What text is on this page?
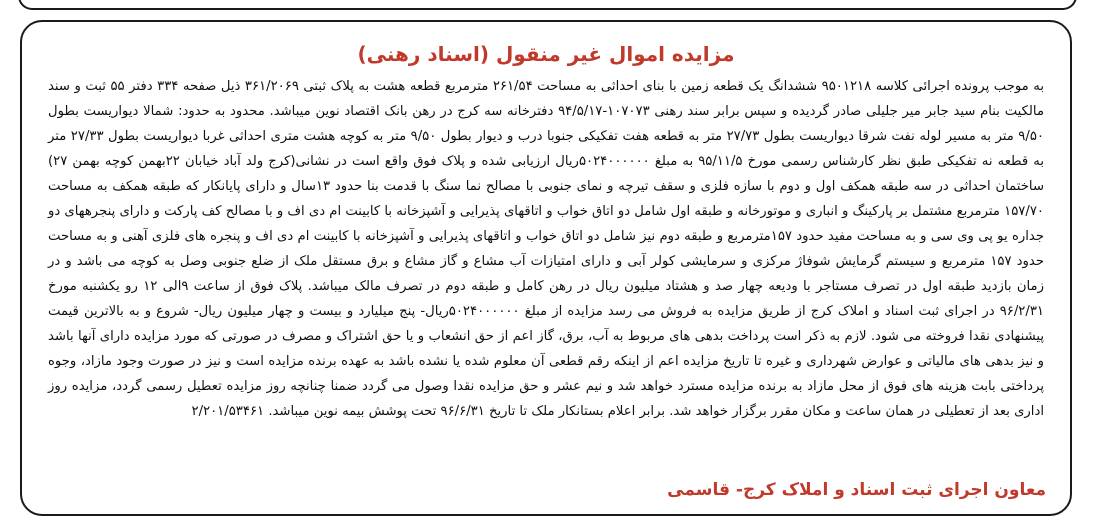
مزایده اموال غیر منقول (اسناد رهنی)

به موجب پرونده اجرائی کلاسه ۹۵۰۱۲۱۸ ششدانگ یک قطعه زمین با بنای احداثی به مساحت ۲۶۱/۵۴ مترمربع قطعه هشت به پلاک ثبتی ۳۶۱/۲۰۶۹ ذیل صفحه ۳۳۴ دفتر ۵۵ ثبت و سند مالکیت بنام سید جابر میر جلیلی صادر گردیده و سپس برابر سند رهنی ۱۰۷۰۷۳-۹۴/۵/۱۷ دفترخانه سه کرج در رهن بانک اقتصاد نوین میباشد. محدود به حدود: شمالا دیواریست بطول ۹/۵۰ متر به مسیر لوله نفت شرقا دیواریست بطول ۲۷/۷۳ متر به قطعه هفت تفکیکی جنوبا درب و دیوار بطول ۹/۵۰ متر به کوچه هشت متری احداثی غربا دیواریست بطول ۲۷/۳۳ متر به قطعه نه تفکیکی طبق نظر کارشناس رسمی مورخ ۹۵/۱۱/۵ به مبلغ ۵۰۲۴۰۰۰۰۰۰ریال ارزیابی شده و پلاک فوق واقع است در نشانی(کرج ولد آباد خیابان ۲۲بهمن کوچه بهمن ۲۷) ساختمان احداثی در سه طبقه همکف اول و دوم با سازه فلزی و سقف تیرچه و نمای جنوبی با مصالح نما سنگ با قدمت بنا حدود ۱۳سال و دارای پایانکار که طبقه همکف به مساحت ۱۵۷/۷۰ مترمربع مشتمل بر پارکینگ و انباری و موتورخانه و طبقه اول شامل دو اتاق خواب و اتاقهای پذیرایی و آشپزخانه با کابینت ام دی اف و با مصالح کف پارکت و دارای پنجرههای دو جداره یو پی وی سی و به مساحت مفید حدود ۱۵۷مترمربع و طبقه دوم نیز شامل دو اتاق خواب و اتاقهای پذیرایی و آشپزخانه با کابینت ام دی اف و پنجره های فلزی آهنی و به مساحت حدود ۱۵۷ مترمربع و سیستم گرمایش شوفاژ مرکزی و سرمایشی کولر آبی و دارای امتیازات آب مشاع و گاز مشاع و برق مستقل ملک از ضلع جنوبی وصل به کوچه می باشد و در زمان بازدید طبقه اول در تصرف مستاجر با ودیعه چهار صد و هشتاد میلیون ریال در رهن کامل و طبقه دوم در تصرف مالک میباشد. پلاک فوق از ساعت ۹الی ۱۲ رو یکشنبه مورخ ۹۶/۲/۳۱ در اجرای ثبت اسناد و املاک کرج از طریق مزایده به فروش می رسد مزایده از مبلغ ۵۰۲۴۰۰۰۰۰۰ریال- پنج میلیارد و بیست و چهار میلیون ریال- شروع و به بالاترین قیمت پیشنهادی نقدا فروخته می شود. لازم به ذکر است پرداخت بدهی های مربوط به آب، برق، گاز اعم از حق انشعاب و یا حق اشتراک و مصرف در صورتی که مورد مزایده دارای آنها باشد و نیز بدهی های مالیاتی و عوارض شهرداری و غیره تا تاریخ مزایده اعم از اینکه رقم قطعی آن معلوم شده یا نشده باشد به عهده برنده مزایده است و نیز در صورت وجود مازاد، وجوه پرداختی بابت هزینه های فوق از محل مازاد به برنده مزایده مسترد خواهد شد و نیم عشر و حق مزایده نقدا وصول می گردد ضمنا چنانچه روز مزایده تعطیل رسمی گردد، مزایده روز اداری بعد از تعطیلی در همان ساعت و مکان مقرر برگزار خواهد شد. برابر اعلام بستانکار ملک تا تاریخ ۹۶/۶/۳۱ تحت پوشش بیمه نوین میباشد. ۲/۲۰۱/۵۳۴۶۱

معاون اجرای ثبت اسناد و املاک کرج- قاسمی
